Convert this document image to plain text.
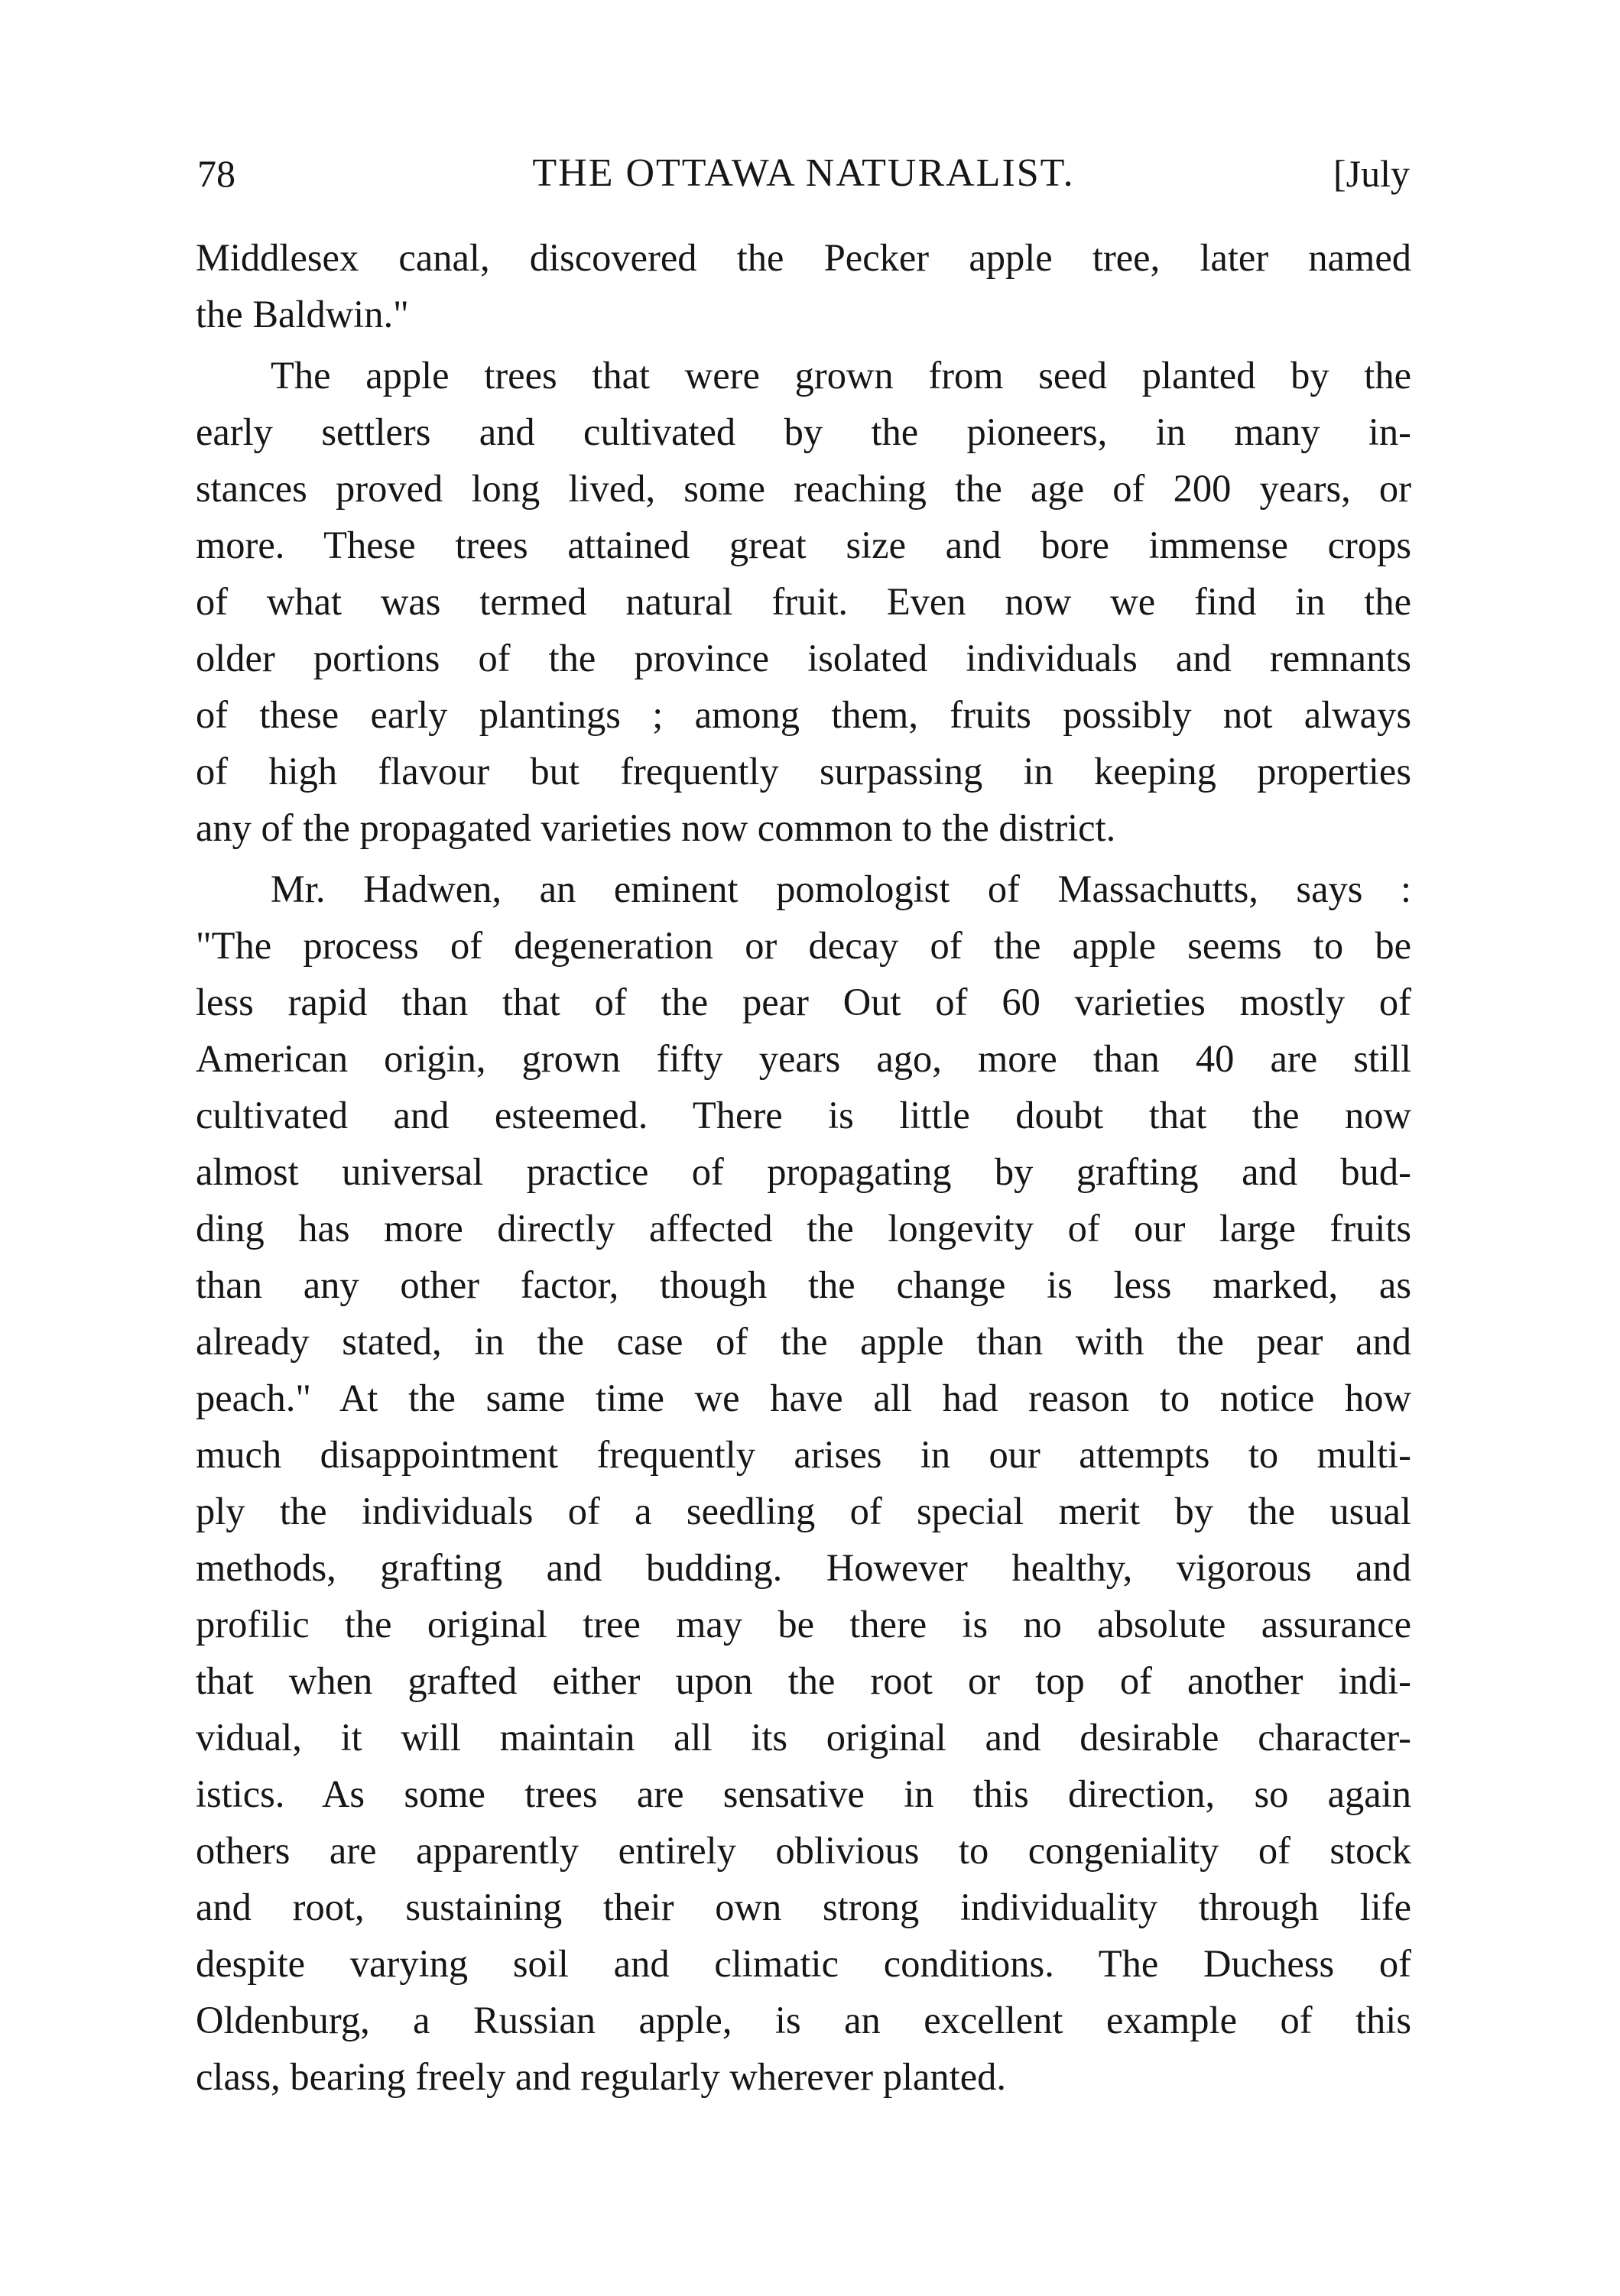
78	THE OTTAWA NATURALIST.	[July
Middlesex canal, discovered the Pecker apple tree, later named
the Baldwin."
The apple trees that were grown from seed planted by the
early settlers and cultivated by the pioneers, in many in-
stances proved long lived, some reaching the age of 200 years, or
more. These trees attained great size and bore immense crops
of what was termed natural fruit. Even now we find in the
older portions of the province isolated individuals and remnants
of these early plantings ; among them, fruits possibly not always
of high flavour but frequently surpassing in keeping properties
any of the propagated varieties now common to the district.
Mr. Hadwen, an eminent pomologist of Massachutts, says :
"The process of degeneration or decay of the apple seems to be
less rapid than that of the pear Out of 60 varieties mostly of
American origin, grown fifty years ago, more than 40 are still
cultivated and esteemed. There is little doubt that the now
almost universal practice of propagating by grafting and bud-
ding has more directly affected the longevity of our large fruits
than any other factor, though the change is less marked, as
already stated, in the case of the apple than with the pear and
peach." At the same time we have all had reason to notice how
much disappointment frequently arises in our attempts to multi-
ply the individuals of a seedling of special merit by the usual
methods, grafting and budding. However healthy, vigorous and
profilic the original tree may be there is no absolute assurance
that when grafted either upon the root or top of another indi-
vidual, it will maintain all its original and desirable character-
istics. As some trees are sensative in this direction, so again
others are apparently entirely oblivious to congeniality of stock
and root, sustaining their own strong individuality through life
despite varying soil and climatic conditions. The Duchess of
Oldenburg, a Russian apple, is an excellent example of this
class, bearing freely and regularly wherever planted.
